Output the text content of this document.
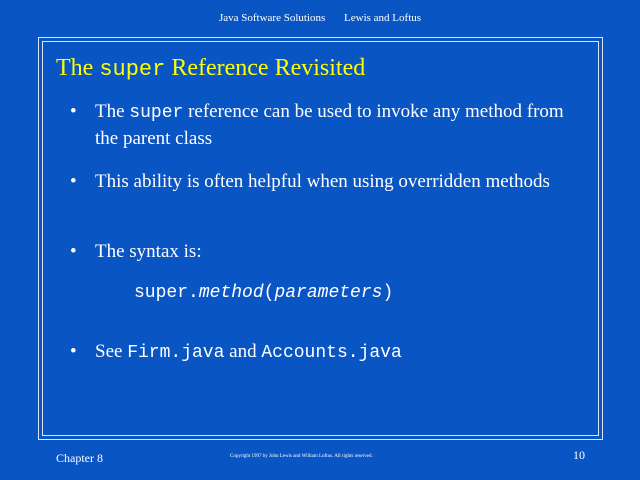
Java Software Solutions Lewis and Loftus
The super Reference Revisited
• The super reference can be used to invoke any method from the parent class
• This ability is often helpful when using overridden methods
• The syntax is:
super.method(parameters)
• See Firm.java and Accounts.java
Chapter 8	Copyright 1997 by John Lewis and William Loftus. All rights reserved.	10
